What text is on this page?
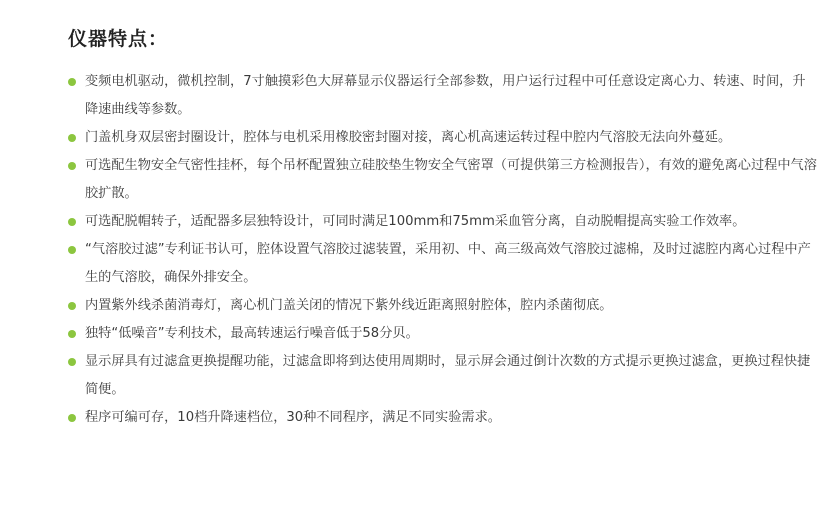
仪器特点：
变频电机驱动，微机控制，7寸触摸彩色大屏幕显示仪器运行全部参数，用户运行过程中可任意设定离心力、转速、时间，升降速曲线等参数。
门盖机身双层密封圈设计，腔体与电机采用橡胶密封圈对接，离心机高速运转过程中腔内气溶胶无法向外蔓延。
可选配生物安全气密性挂杯，每个吊杯配置独立硅胶垫生物安全气密罩（可提供第三方检测报告），有效的避免离心过程中气溶胶扩散。
可选配脱帽转子，适配器多层独特设计，可同时满足100mm和75mm采血管分离，自动脱帽提高实验工作效率。
“气溶胶过滤”专利证书认可，腔体设置气溶胶过滤装置，采用初、中、高三级高效气溶胶过滤棉，及时过滤腔内离心过程中产生的气溶胶，确保外排安全。
内置紫外线杀菌消毒灯，离心机门盖关闭的情况下紫外线近距离照射腔体，腔内杀菌彻底。
独特“低噪音”专利技术，最高转速运行噪音低于58分贝。
显示屏具有过滤盒更换提醒功能，过滤盒即将到达使用周期时，显示屏会通过倒计次数的方式提示更换过滤盒，更换过程快捷简便。
程序可编可存，10档升降速档位，30种不同程序，满足不同实验需求。
